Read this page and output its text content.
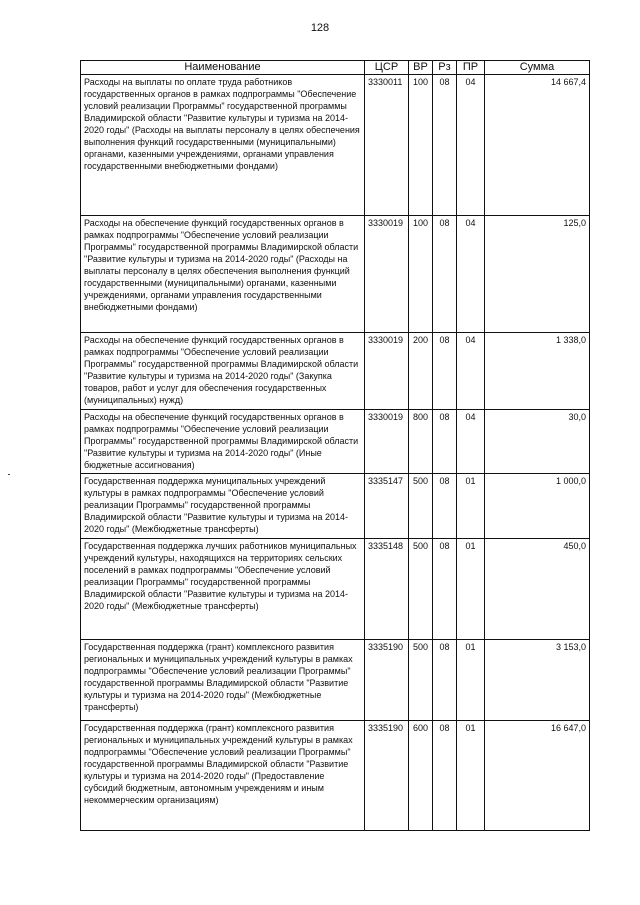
128
Наименование	ЦСР	ВР	Рз	ПР	Сумма
Расходы на выплаты по оплате труда работников государственных органов в рамках подпрограммы "Обеспечение условий реализации Программы" государственной программы Владимирской области "Развитие культуры и туризма на 2014-2020 годы" (Расходы на выплаты персоналу в целях обеспечения выполнения функций государственными (муниципальными) органами, казенными учреждениями, органами управления государственными внебюджетными фондами)	3330011	100	08	04	14 667,4
Расходы на обеспечение функций государственных органов в рамках подпрограммы "Обеспечение условий реализации Программы" государственной программы Владимирской области "Развитие культуры и туризма на 2014-2020 годы" (Расходы на выплаты персоналу в целях обеспечения выполнения функций государственными (муниципальными) органами, казенными учреждениями, органами управления государственными внебюджетными фондами)	3330019	100	08	04	125,0
Расходы на обеспечение функций государственных органов в рамках подпрограммы "Обеспечение условий реализации Программы" государственной программы Владимирской области "Развитие культуры и туризма на 2014-2020 годы" (Закупка товаров, работ и услуг для обеспечения государственных (муниципальных) нужд)	3330019	200	08	04	1 338,0
Расходы на обеспечение функций государственных органов в рамках подпрограммы "Обеспечение условий реализации Программы" государственной программы Владимирской области "Развитие культуры и туризма на 2014-2020 годы" (Иные бюджетные ассигнования)	3330019	800	08	04	30,0
Государственная поддержка муниципальных учреждений культуры в рамках подпрограммы "Обеспечение условий реализации Программы" государственной программы Владимирской области "Развитие культуры и туризма на 2014-2020 годы" (Межбюджетные трансферты)	3335147	500	08	01	1 000,0
Государственная поддержка лучших работников муниципальных учреждений культуры, находящихся на территориях сельских поселений в рамках подпрограммы "Обеспечение условий реализации Программы" государственной программы Владимирской области "Развитие культуры и туризма на 2014-2020 годы" (Межбюджетные трансферты)	3335148	500	08	01	450,0
Государственная поддержка (грант) комплексного развития региональных и муниципальных учреждений культуры в рамках подпрограммы "Обеспечение условий реализации Программы" государственной программы Владимирской области "Развитие культуры и туризма на 2014-2020 годы" (Межбюджетные трансферты)	3335190	500	08	01	3 153,0
Государственная поддержка (грант) комплексного развития региональных и муниципальных учреждений культуры в рамках подпрограммы "Обеспечение условий реализации Программы" государственной программы Владимирской области "Развитие культуры и туризма на 2014-2020 годы" (Предоставление субсидий бюджетным, автономным учреждениям и иным некоммерческим организациям)	3335190	600	08	01	16 647,0
